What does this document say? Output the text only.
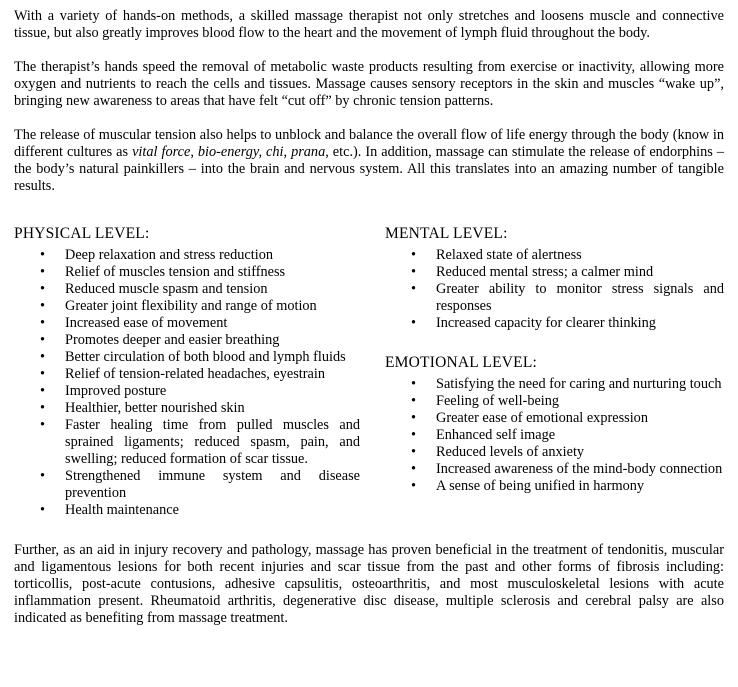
With a variety of hands-on methods, a skilled massage therapist not only stretches and loosens muscle and connective tissue, but also greatly improves blood flow to the heart and the movement of lymph fluid throughout the body.

The therapist’s hands speed the removal of metabolic waste products resulting from exercise or inactivity, allowing more oxygen and nutrients to reach the cells and tissues. Massage causes sensory receptors in the skin and muscles “wake up”, bringing new awareness to areas that have felt “cut off” by chronic tension patterns.

The release of muscular tension also helps to unblock and balance the overall flow of life energy through the body (know in different cultures as vital force, bio-energy, chi, prana, etc.). In addition, massage can stimulate the release of endorphins – the body’s natural painkillers – into the brain and nervous system. All this translates into an amazing number of tangible results.

PHYSICAL LEVEL:
• Deep relaxation and stress reduction
• Relief of muscles tension and stiffness
• Reduced muscle spasm and tension
• Greater joint flexibility and range of motion
• Increased ease of movement
• Promotes deeper and easier breathing
• Better circulation of both blood and lymph fluids
• Relief of tension-related headaches, eyestrain
• Improved posture
• Healthier, better nourished skin
• Faster healing time from pulled muscles and sprained ligaments; reduced spasm, pain, and swelling; reduced formation of scar tissue.
• Strengthened immune system and disease prevention
• Health maintenance
MENTAL LEVEL:
• Relaxed state of alertness
• Reduced mental stress; a calmer mind
• Greater ability to monitor stress signals and responses
• Increased capacity for clearer thinking
EMOTIONAL LEVEL:
• Satisfying the need for caring and nurturing touch
• Feeling of well-being
• Greater ease of emotional expression
• Enhanced self image
• Reduced levels of anxiety
• Increased awareness of the mind-body connection
• A sense of being unified in harmony

Further, as an aid in injury recovery and pathology, massage has proven beneficial in the treatment of tendonitis, muscular and ligamentous lesions for both recent injuries and scar tissue from the past and other forms of fibrosis including: torticollis, post-acute contusions, adhesive capsulitis, osteoarthritis, and most musculoskeletal lesions with acute inflammation present. Rheumatoid arthritis, degenerative disc disease, multiple sclerosis and cerebral palsy are also indicated as benefiting from massage treatment.
